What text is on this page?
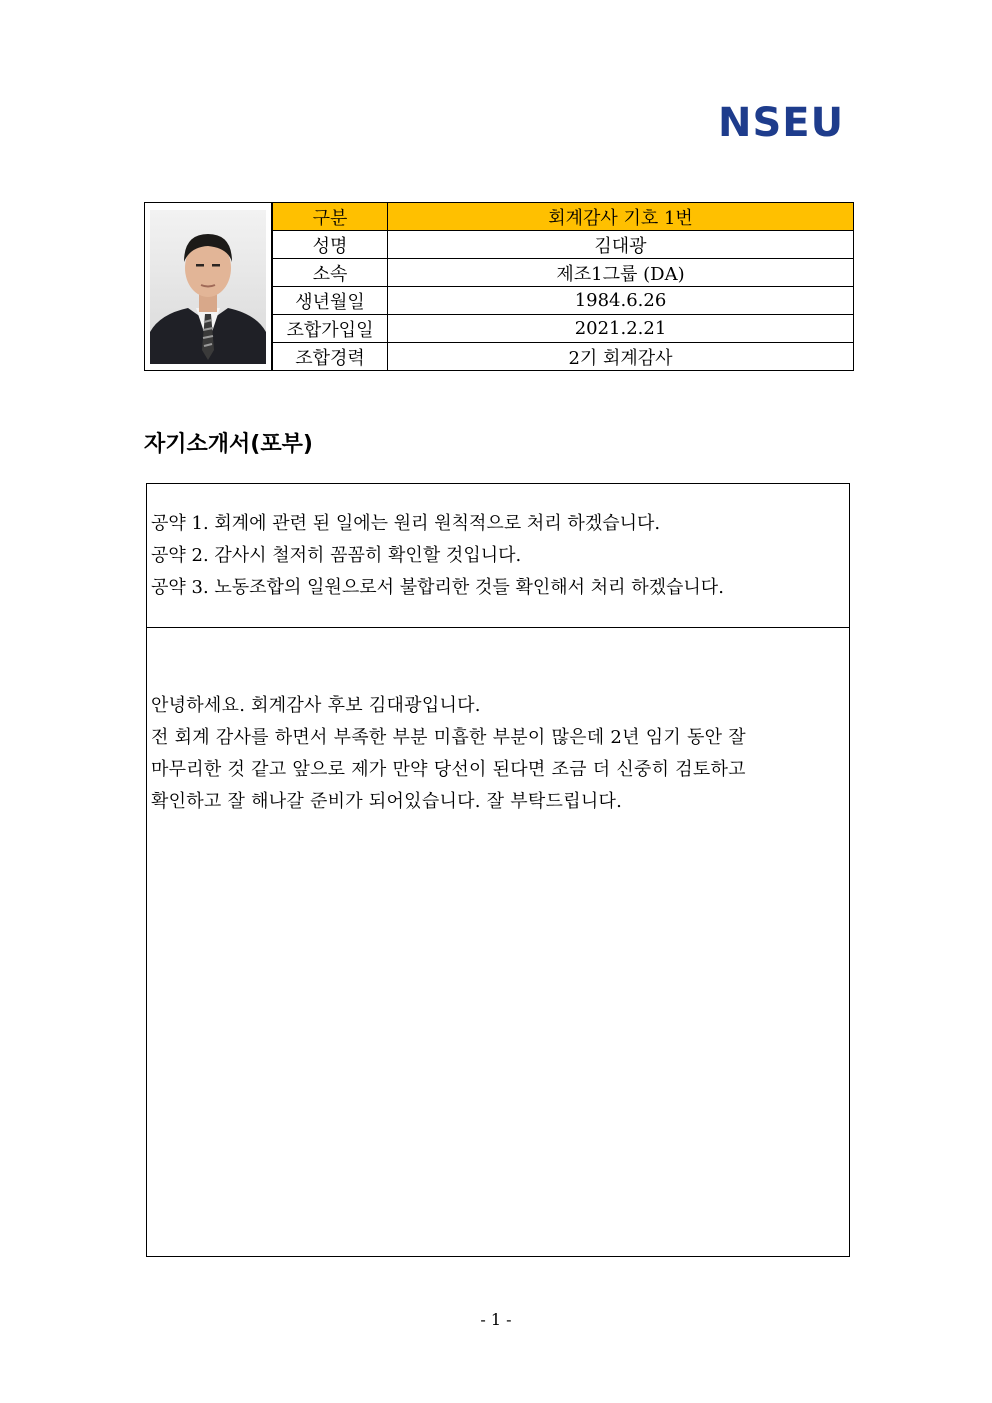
NSEU
구분	회계감사 기호 1번
성명	김대광
소속	제조1그룹 (DA)
생년월일	1984.6.26
조합가입일	2021.2.21
조합경력	2기 회계감사
자기소개서(포부)
공약 1. 회계에 관련 된 일에는 원리 원칙적으로 처리 하겠습니다.
공약 2. 감사시 철저히 꼼꼼히 확인할 것입니다.
공약 3. 노동조합의 일원으로서 불합리한 것들 확인해서 처리 하겠습니다.
안녕하세요. 회계감사 후보 김대광입니다.
전 회계 감사를 하면서 부족한 부분 미흡한 부분이 많은데 2년 임기 동안 잘
마무리한 것 같고 앞으로 제가 만약 당선이 된다면 조금 더 신중히 검토하고
확인하고 잘 해나갈 준비가 되어있습니다. 잘 부탁드립니다.
- 1 -
